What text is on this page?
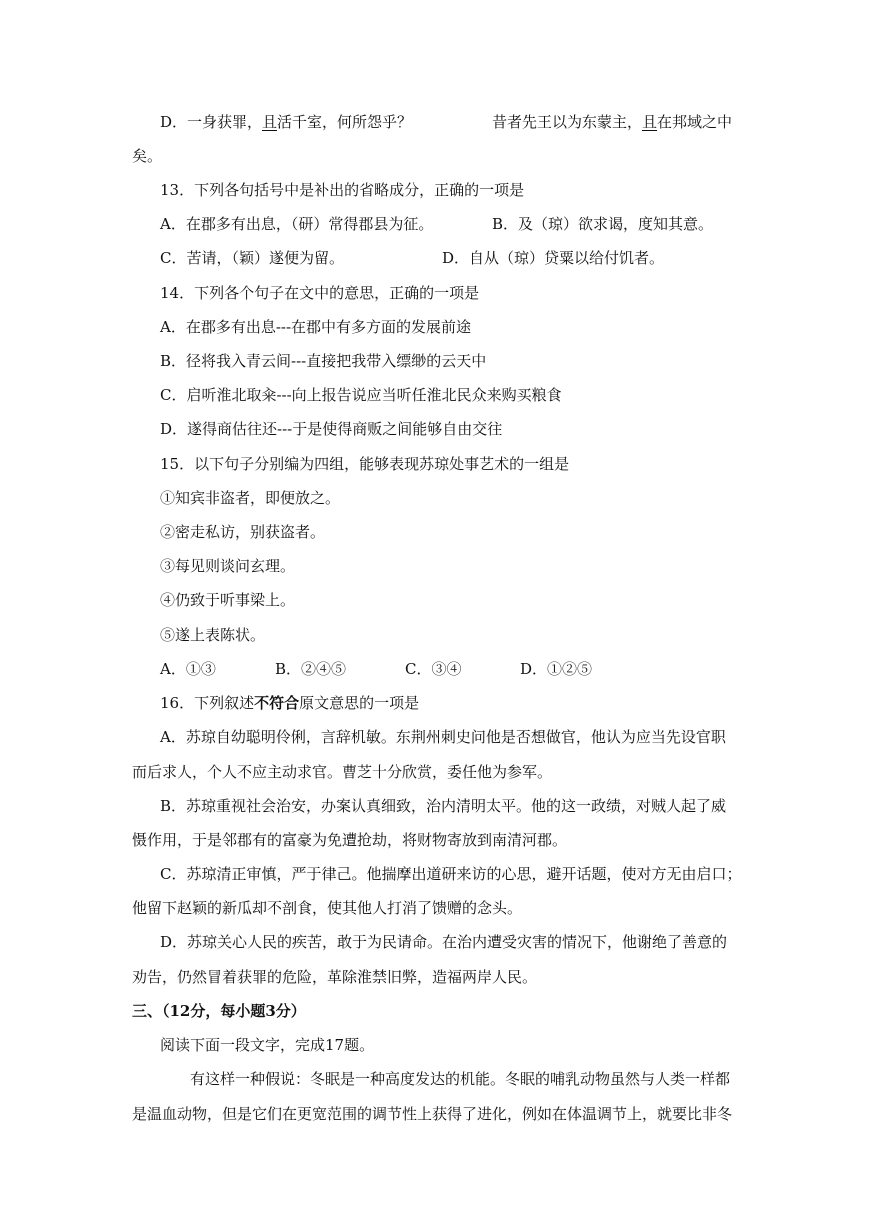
D．一身获罪，且活千室，何所怨乎？	昔者先王以为东蒙主，且在邦域之中
矣。
13．下列各句括号中是补出的省略成分，正确的一项是
A．在郡多有出息，（研）常得郡县为征。	B．及（琼）欲求谒，度知其意。
C．苦请，（颖）遂便为留。	D．自从（琼）贷粟以给付饥者。
14．下列各个句子在文中的意思，正确的一项是
A．在郡多有出息---在郡中有多方面的发展前途
B．径将我入青云间---直接把我带入缥缈的云天中
C．启听淮北取籴---向上报告说应当听任淮北民众来购买粮食
D．遂得商估往还---于是使得商贩之间能够自由交往
15．以下句子分别编为四组，能够表现苏琼处事艺术的一组是
①知宾非盗者，即便放之。
②密走私访，别获盗者。
③每见则谈问玄理。
④仍致于听事梁上。
⑤遂上表陈状。
A．①③	B．②④⑤	C．③④	D．①②⑤
16．下列叙述不符合原文意思的一项是
A．苏琼自幼聪明伶俐，言辞机敏。东荆州刺史问他是否想做官，他认为应当先设官职
而后求人，个人不应主动求官。曹芝十分欣赏，委任他为参军。
B．苏琼重视社会治安，办案认真细致，治内清明太平。他的这一政绩，对贼人起了威
慑作用，于是邻郡有的富豪为免遭抢劫，将财物寄放到南清河郡。
C．苏琼清正审慎，严于律己。他揣摩出道研来访的心思，避开话题，使对方无由启口；
他留下赵颖的新瓜却不剖食，使其他人打消了馈赠的念头。
D．苏琼关心人民的疾苦，敢于为民请命。在治内遭受灾害的情况下，他谢绝了善意的
劝告，仍然冒着获罪的危险，革除淮禁旧弊，造福两岸人民。
三、（12分，每小题3分）
阅读下面一段文字，完成17题。
有这样一种假说：冬眠是一种高度发达的机能。冬眠的哺乳动物虽然与人类一样都
是温血动物，但是它们在更宽范围的调节性上获得了进化，例如在体温调节上，就要比非冬
